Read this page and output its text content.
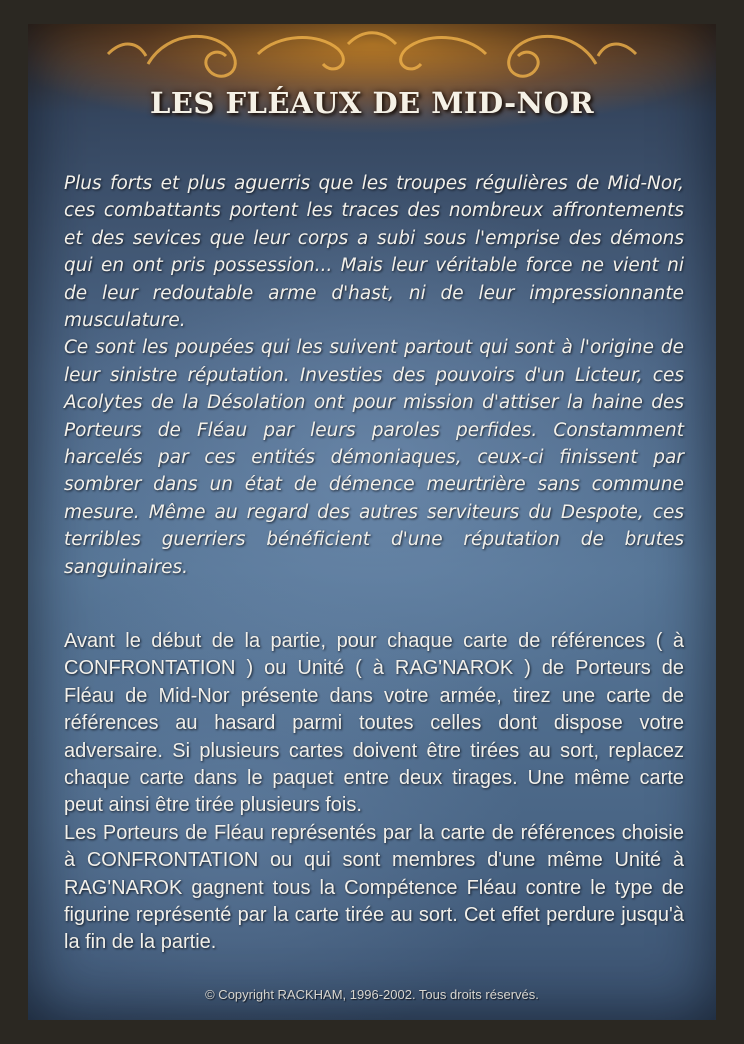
LES FLÉAUX DE MID-NOR

Plus forts et plus aguerris que les troupes régulières de Mid-Nor, ces combattants portent les traces des nombreux affrontements et des sevices que leur corps a subi sous l'emprise des démons qui en ont pris possession... Mais leur véritable force ne vient ni de leur redoutable arme d'hast, ni de leur impressionnante musculature.

Ce sont les poupées qui les suivent partout qui sont à l'origine de leur sinistre réputation. Investies des pouvoirs d'un Licteur, ces Acolytes de la Désolation ont pour mission d'attiser la haine des Porteurs de Fléau par leurs paroles perfides. Constamment harcelés par ces entités démoniaques, ceux-ci finissent par sombrer dans un état de démence meurtrière sans commune mesure. Même au regard des autres serviteurs du Despote, ces terribles guerriers bénéficient d'une réputation de brutes sanguinaires.

Avant le début de la partie, pour chaque carte de références ( à CONFRONTATION ) ou Unité ( à RAG'NAROK ) de Porteurs de Fléau de Mid-Nor présente dans votre armée, tirez une carte de références au hasard parmi toutes celles dont dispose votre adversaire. Si plusieurs cartes doivent être tirées au sort, replacez chaque carte dans le paquet entre deux tirages. Une même carte peut ainsi être tirée plusieurs fois.

Les Porteurs de Fléau représentés par la carte de références choisie à CONFRONTATION ou qui sont membres d'une même Unité à RAG'NAROK gagnent tous la Compétence Fléau contre le type de figurine représenté par la carte tirée au sort. Cet effet perdure jusqu'à la fin de la partie.

© Copyright RACKHAM, 1996-2002. Tous droits réservés.
